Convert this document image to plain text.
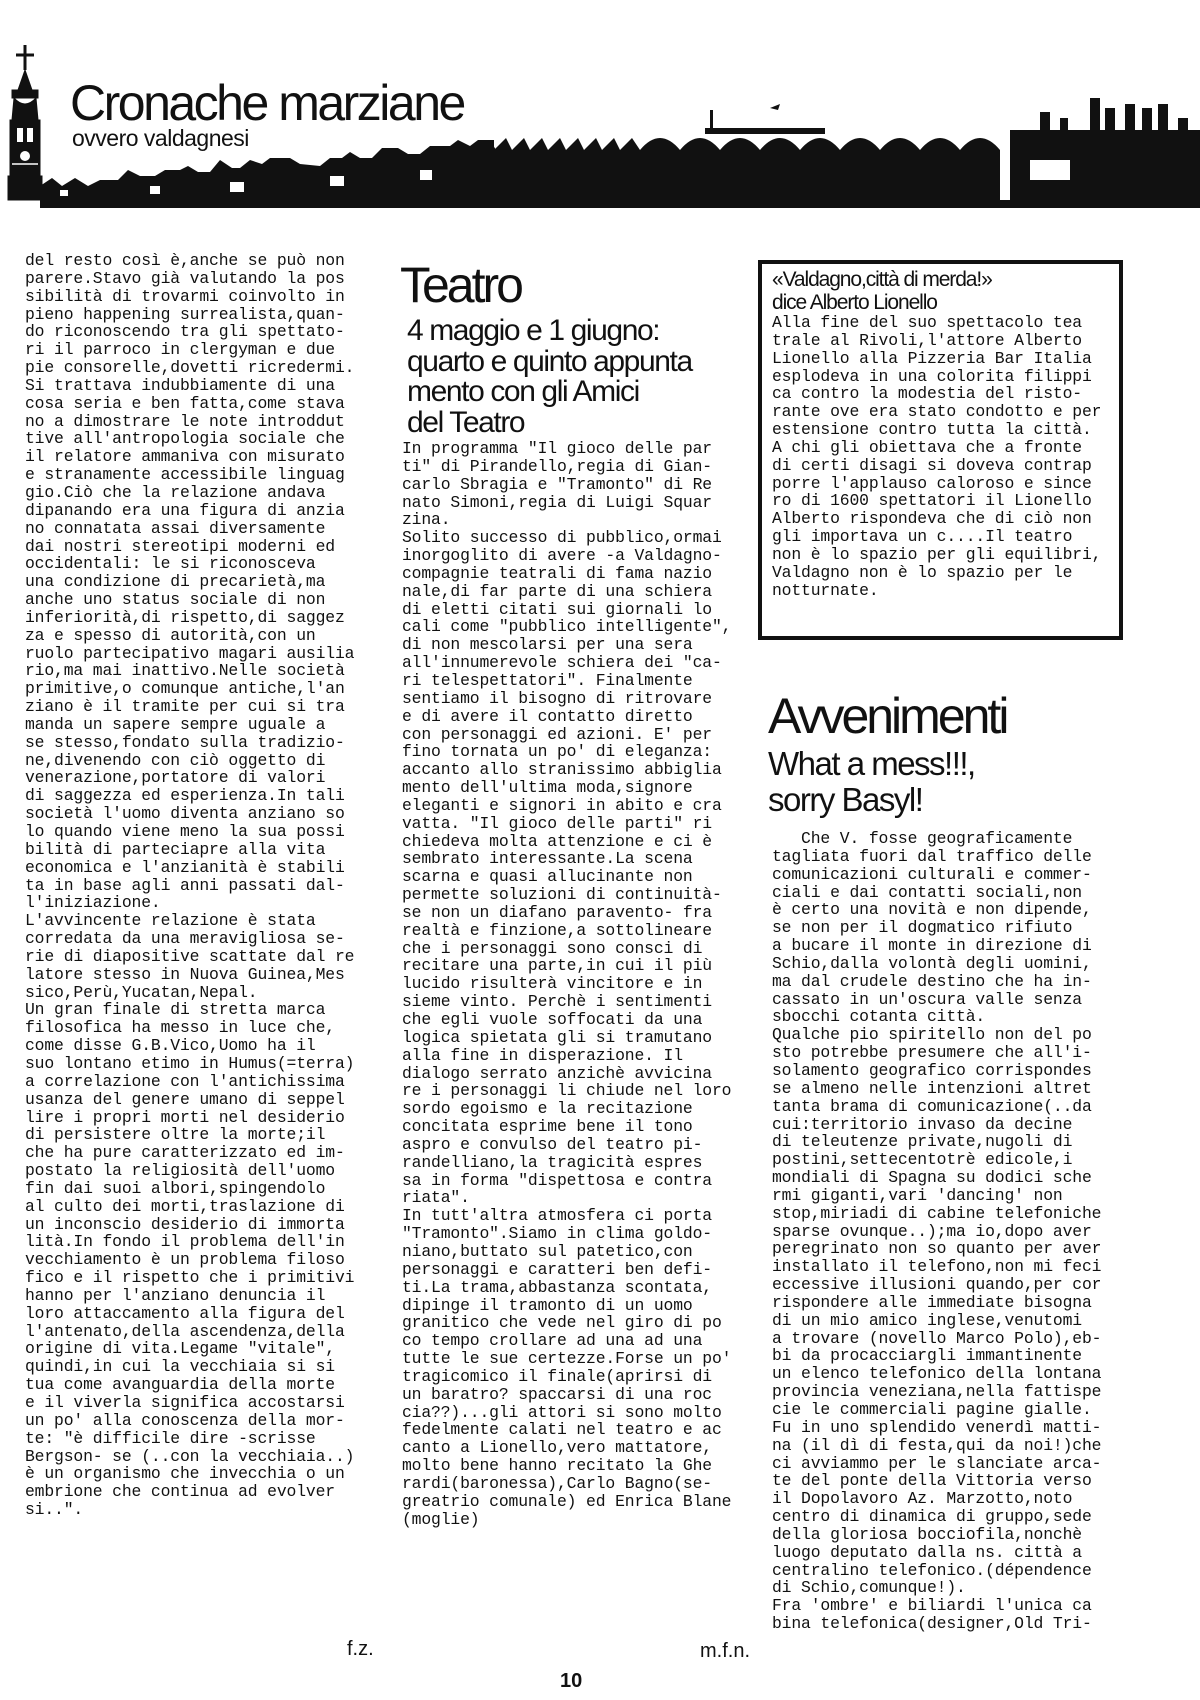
Cronache marziane
ovvero valdagnesi

del resto così è,anche se può non

parere.Stavo già valutando la pos

sibilità di trovarmi coinvolto in

pieno happening surrealista,quan-

do riconoscendo tra gli spettato-

ri il parroco in clergyman e due

pie consorelle,dovetti ricredermi.

Si trattava indubbiamente di una

cosa seria e ben fatta,come stava

no a dimostrare le note introddut

tive all'antropologia sociale che

il relatore ammaniva con misurato

e stranamente accessibile linguag

gio.Ciò che la relazione andava

dipanando era una figura di anzia

no connatata assai diversamente

dai nostri stereotipi moderni ed

occidentali: le si riconosceva

una condizione di precarietà,ma

anche uno status sociale di non

inferiorità,di rispetto,di saggez

za e spesso di autorità,con un

ruolo partecipativo magari ausilia

rio,ma mai inattivo.Nelle società

primitive,o comunque antiche,l'an

ziano è il tramite per cui si tra

manda un sapere sempre uguale a

se stesso,fondato sulla tradizio-

ne,divenendo con ciò oggetto di

venerazione,portatore di valori

di saggezza ed esperienza.In tali

società l'uomo diventa anziano so

lo quando viene meno la sua possi

bilità di parteciapre alla vita

economica e l'anzianità è stabili

ta in base agli anni passati dal-

l'iniziazione.

L'avvincente relazione è stata

corredata da una meravigliosa se-

rie di diapositive scattate dal re

latore stesso in Nuova Guinea,Mes

sico,Perù,Yucatan,Nepal.

Un gran finale di stretta marca

filosofica ha messo in luce che,

come disse G.B.Vico,Uomo ha il

suo lontano etimo in Humus(=terra)

a correlazione con l'antichissima

usanza del genere umano di seppel

lire i propri morti nel desiderio

di persistere oltre la morte;il

che ha pure caratterizzato ed im-

postato la religiosità dell'uomo

fin dai suoi albori,spingendolo

al culto dei morti,traslazione di

un inconscio desiderio di immorta

lità.In fondo il problema dell'in

vecchiamento è un problema filoso

fico e il rispetto che i primitivi

hanno per l'anziano denuncia il

loro attaccamento alla figura del

l'antenato,della ascendenza,della

origine di vita.Legame "vitale",

quindi,in cui la vecchiaia si si

tua come avanguardia della morte

e il viverla significa accostarsi

un po' alla conoscenza della mor-

te: "è difficile dire -scrisse

Bergson- se (..con la vecchiaia..)

è un organismo che invecchia o un

embrione che continua ad evolver

si..".

f.z.
Teatro
4 maggio e 1 giugno:
quarto e quinto appunta
mento con gli Amici
del Teatro

In programma "Il gioco delle par

ti" di Pirandello,regia di Gian-

carlo Sbragia e "Tramonto" di Re

nato Simoni,regia di Luigi Squar

zina.

Solito successo di pubblico,ormai

inorgoglito di avere -a Valdagno-

compagnie teatrali di fama nazio

nale,di far parte di una schiera

di eletti citati sui giornali lo

cali come "pubblico intelligente",

di non mescolarsi per una sera

all'innumerevole schiera dei "ca-

ri telespettatori". Finalmente

sentiamo il bisogno di ritrovare

e di avere il contatto diretto

con personaggi ed azioni. E' per

fino tornata un po' di eleganza:

accanto allo stranissimo abbiglia

mento dell'ultima moda,signore

eleganti e signori in abito e cra

vatta. "Il gioco delle parti" ri

chiedeva molta attenzione e ci è

sembrato interessante.La scena

scarna e quasi allucinante non

permette soluzioni di continuità-

se non un diafano paravento- fra

realtà e finzione,a sottolineare

che i personaggi sono consci di

recitare una parte,in cui il più

lucido risulterà vincitore e in

sieme vinto. Perchè i sentimenti

che egli vuole soffocati da una

logica spietata gli si tramutano

alla fine in disperazione. Il

dialogo serrato anzichè avvicina

re i personaggi li chiude nel loro

sordo egoismo e la recitazione

concitata esprime bene il tono

aspro e convulso del teatro pi-

randelliano,la tragicità espres

sa in forma "dispettosa e contra

riata".

In tutt'altra atmosfera ci porta

"Tramonto".Siamo in clima goldo-

niano,buttato sul patetico,con

personaggi e caratteri ben defi-

ti.La trama,abbastanza scontata,

dipinge il tramonto di un uomo

granitico che vede nel giro di po

co tempo crollare ad una ad una

tutte le sue certezze.Forse un po'

tragicomico il finale(aprirsi di

un baratro? spaccarsi di una roc

cia??)...gli attori si sono molto

fedelmente calati nel teatro e ac

canto a Lionello,vero mattatore,

molto bene hanno recitato la Ghe

rardi(baronessa),Carlo Bagno(se-

greatrio comunale) ed Enrica Blane

(moglie)

m.f.n.
«Valdagno,città di merda!»
dice Alberto Lionello

Alla fine del suo spettacolo tea

trale al Rivoli,l'attore Alberto

Lionello alla Pizzeria Bar Italia

esplodeva in una colorita filippi

ca contro la modestia del risto-

rante ove era stato condotto e per

estensione contro tutta la città.

A chi gli obiettava che a fronte

di certi disagi si doveva contrap

porre l'applauso caloroso e since

ro di 1600 spettatori il Lionello

Alberto rispondeva che di ciò non

gli importava un c....Il teatro

non è lo spazio per gli equilibri,

Valdagno non è lo spazio per le

notturnate.

Avvenimenti
What a mess!!!,
sorry Basyl!

Che V. fosse geograficamente

tagliata fuori dal traffico delle

comunicazioni culturali e commer-

ciali e dai contatti sociali,non

è certo una novità e non dipende,

se non per il dogmatico rifiuto

a bucare il monte in direzione di

Schio,dalla volontà degli uomini,

ma dal crudele destino che ha in-

cassato in un'oscura valle senza

sbocchi cotanta città.

Qualche pio spiritello non del po

sto potrebbe presumere che all'i-

solamento geografico corrispondes

se almeno nelle intenzioni altret

tanta brama di comunicazione(..da

cui:territorio invaso da decine

di teleutenze private,nugoli di

postini,settecentotrè edicole,i

mondiali di Spagna su dodici sche

rmi giganti,vari 'dancing' non

stop,miriadi di cabine telefoniche

sparse ovunque..);ma io,dopo aver

peregrinato non so quanto per aver

installato il telefono,non mi feci

eccessive illusioni quando,per cor

rispondere alle immediate bisogna

di un mio amico inglese,venutomi

a trovare (novello Marco Polo),eb-

bi da procacciargli immantinente

un elenco telefonico della lontana

provincia veneziana,nella fattispe

cie le commerciali pagine gialle.

Fu in uno splendido venerdì matti-

na (il dì di festa,qui da noi!)che

ci avviammo per le slanciate arca-

te del ponte della Vittoria verso

il Dopolavoro Az. Marzotto,noto

centro di dinamica di gruppo,sede

della gloriosa bocciofila,nonchè

luogo deputato dalla ns. città a

centralino telefonico.(dépendence

di Schio,comunque!).

Fra 'ombre' e biliardi l'unica ca

bina telefonica(designer,Old Tri-

10
